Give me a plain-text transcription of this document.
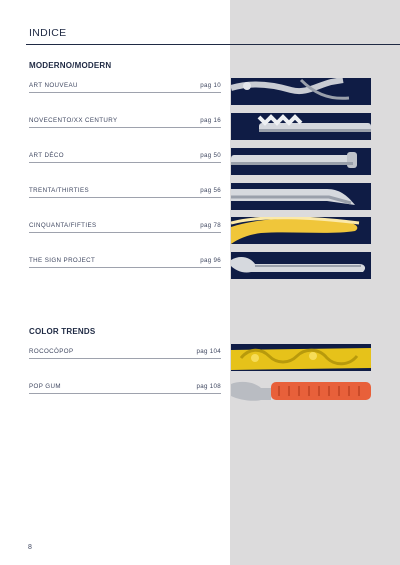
INDICE
MODERNO/MODERN
ART NOUVEAU	pag 10
NOVECENTO/XX CENTURY	pag 16
ART DÉCO	pag 50
TRENTA/THIRTIES	pag 56
CINQUANTA/FIFTIES	pag 78
THE SIGN PROJECT	pag 96
COLOR TRENDS
ROCOCÒPOP	pag 104
POP GUM	pag 108
8
